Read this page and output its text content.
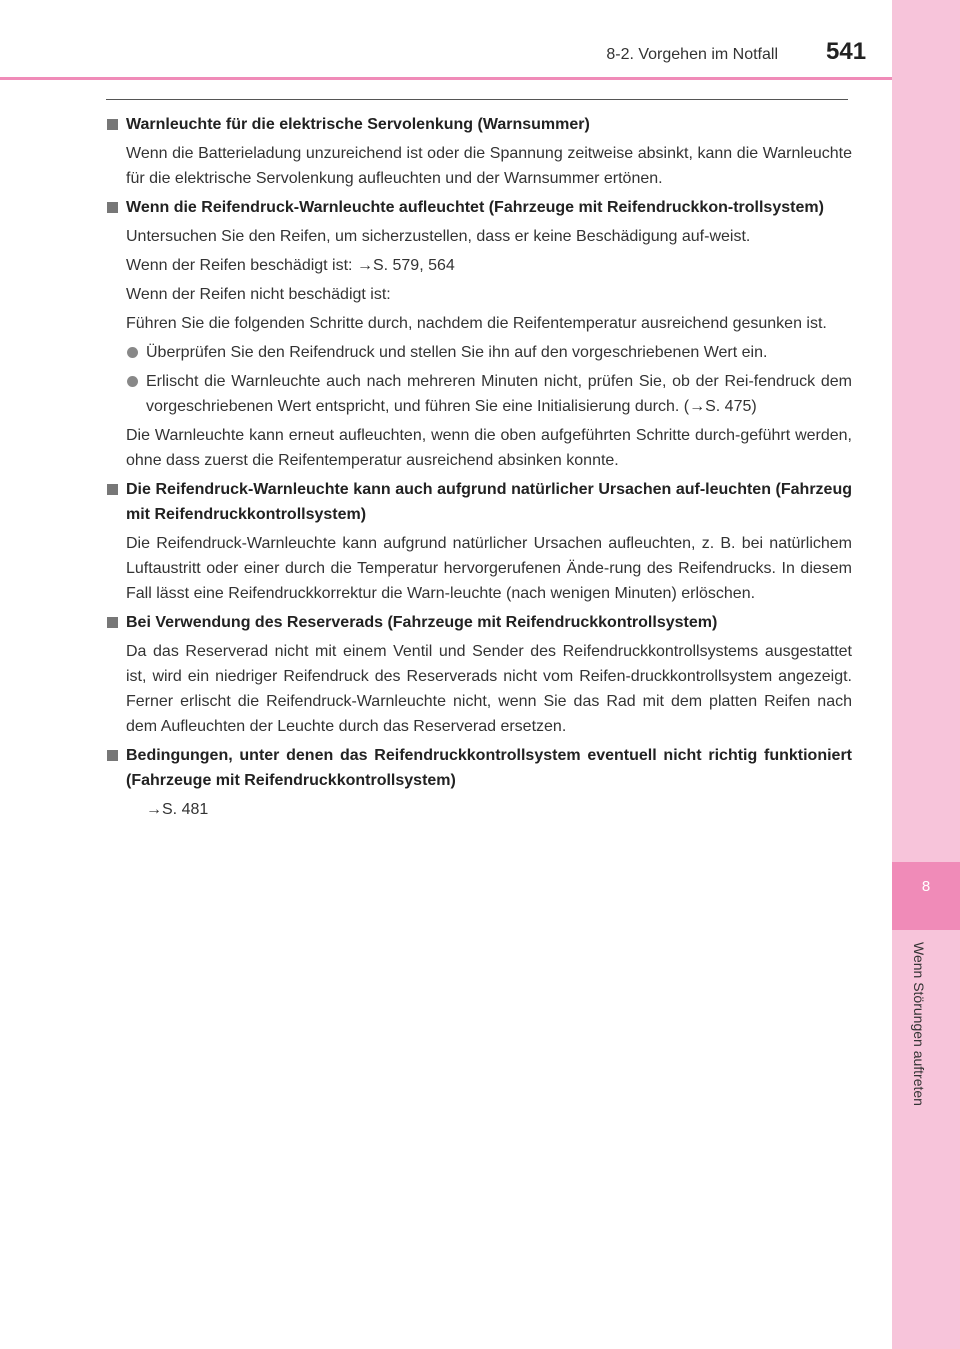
8
Wenn Störungen auftreten
8-2. Vorgehen im Notfall 541
Warnleuchte für die elektrische Servolenkung (Warnsummer)
Wenn die Batterieladung unzureichend ist oder die Spannung zeitweise absinkt, kann die Warnleuchte für die elektrische Servolenkung aufleuchten und der Warnsummer ertönen.
Wenn die Reifendruck-Warnleuchte aufleuchtet (Fahrzeuge mit Reifendruckkon-trollsystem)
Untersuchen Sie den Reifen, um sicherzustellen, dass er keine Beschädigung auf-weist.
Wenn der Reifen beschädigt ist: →S. 579, 564
Wenn der Reifen nicht beschädigt ist:
Führen Sie die folgenden Schritte durch, nachdem die Reifentemperatur ausreichend gesunken ist.
Überprüfen Sie den Reifendruck und stellen Sie ihn auf den vorgeschriebenen Wert ein.
Erlischt die Warnleuchte auch nach mehreren Minuten nicht, prüfen Sie, ob der Rei-fendruck dem vorgeschriebenen Wert entspricht, und führen Sie eine Initialisierung durch. (→S. 475)
Die Warnleuchte kann erneut aufleuchten, wenn die oben aufgeführten Schritte durch-geführt werden, ohne dass zuerst die Reifentemperatur ausreichend absinken konnte.
Die Reifendruck-Warnleuchte kann auch aufgrund natürlicher Ursachen auf-leuchten (Fahrzeug mit Reifendruckkontrollsystem)
Die Reifendruck-Warnleuchte kann aufgrund natürlicher Ursachen aufleuchten, z. B. bei natürlichem Luftaustritt oder einer durch die Temperatur hervorgerufenen Ände-rung des Reifendrucks. In diesem Fall lässt eine Reifendruckkorrektur die Warn-leuchte (nach wenigen Minuten) erlöschen.
Bei Verwendung des Reserverads (Fahrzeuge mit Reifendruckkontrollsystem)
Da das Reserverad nicht mit einem Ventil und Sender des Reifendruckkontrollsystems ausgestattet ist, wird ein niedriger Reifendruck des Reserverads nicht vom Reifen-druckkontrollsystem angezeigt. Ferner erlischt die Reifendruck-Warnleuchte nicht, wenn Sie das Rad mit dem platten Reifen nach dem Aufleuchten der Leuchte durch das Reserverad ersetzen.
Bedingungen, unter denen das Reifendruckkontrollsystem eventuell nicht richtig funktioniert (Fahrzeuge mit Reifendruckkontrollsystem)
→S. 481
